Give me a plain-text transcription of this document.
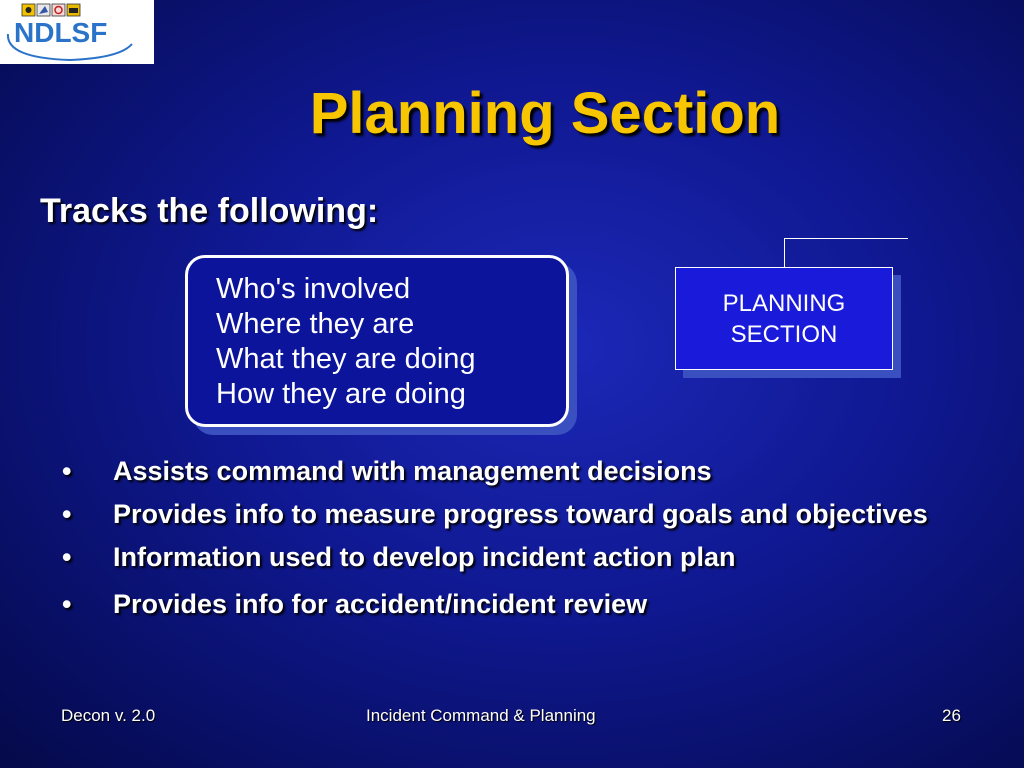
NDLSF
Planning Section
Tracks the following:
Who's involved
Where they are
What they are doing
How they are doing
PLANNING
SECTION
• Assists command with management decisions
• Provides info to measure progress toward goals and objectives
• Information used to develop incident action plan
• Provides info for accident/incident review
Decon v. 2.0	Incident Command & Planning	26
